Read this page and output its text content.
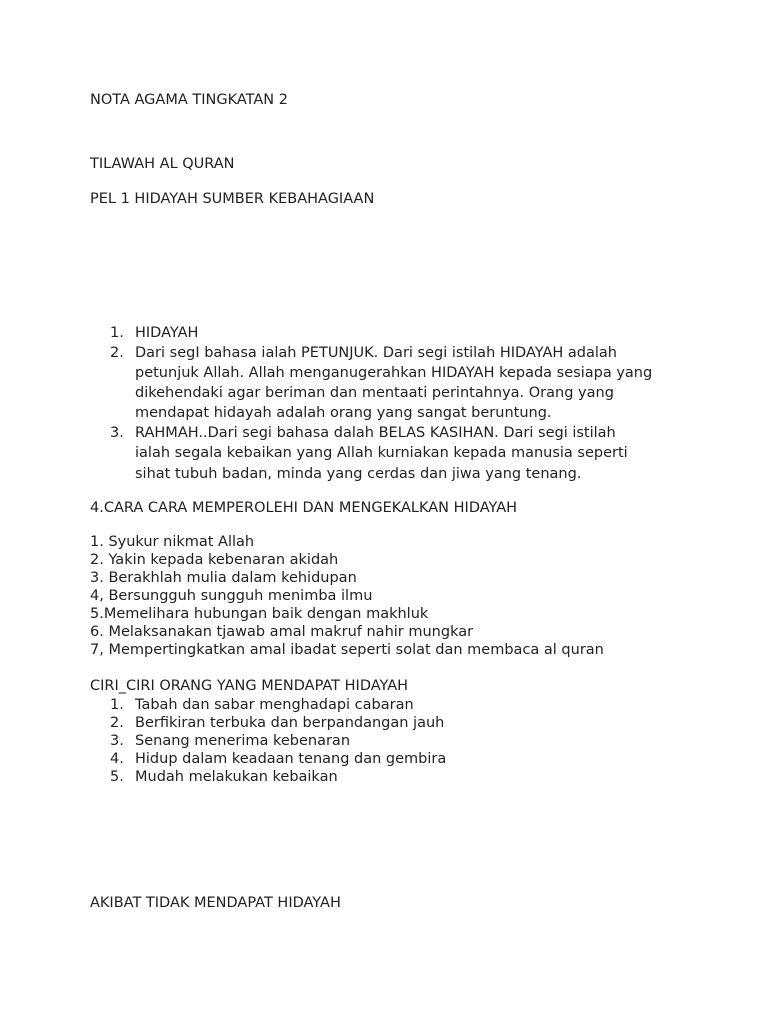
NOTA AGAMA TINGKATAN 2
TILAWAH AL QURAN
PEL 1 HIDAYAH SUMBER KEBAHAGIAAN
1. HIDAYAH
2. Dari segI bahasa ialah PETUNJUK. Dari segi istilah HIDAYAH adalah
petunjuk Allah. Allah menganugerahkan HIDAYAH kepada sesiapa yang
dikehendaki agar beriman dan mentaati perintahnya. Orang yang
mendapat hidayah adalah orang yang sangat beruntung.
3. RAHMAH..Dari segi bahasa dalah BELAS KASIHAN. Dari segi istilah
ialah segala kebaikan yang Allah kurniakan kepada manusia seperti
sihat tubuh badan, minda yang cerdas dan jiwa yang tenang.
4.CARA CARA MEMPEROLEHI DAN MENGEKALKAN HIDAYAH
1. Syukur nikmat Allah
2. Yakin kepada kebenaran akidah
3. Berakhlah mulia dalam kehidupan
4, Bersungguh sungguh menimba ilmu
5.Memelihara hubungan baik dengan makhluk
6. Melaksanakan tjawab amal makruf nahir mungkar
7, Mempertingkatkan amal ibadat seperti solat dan membaca al quran
CIRI_CIRI ORANG YANG MENDAPAT HIDAYAH
1. Tabah dan sabar menghadapi cabaran
2. Berfikiran terbuka dan berpandangan jauh
3. Senang menerima kebenaran
4. Hidup dalam keadaan tenang dan gembira
5. Mudah melakukan kebaikan
AKIBAT TIDAK MENDAPAT HIDAYAH
